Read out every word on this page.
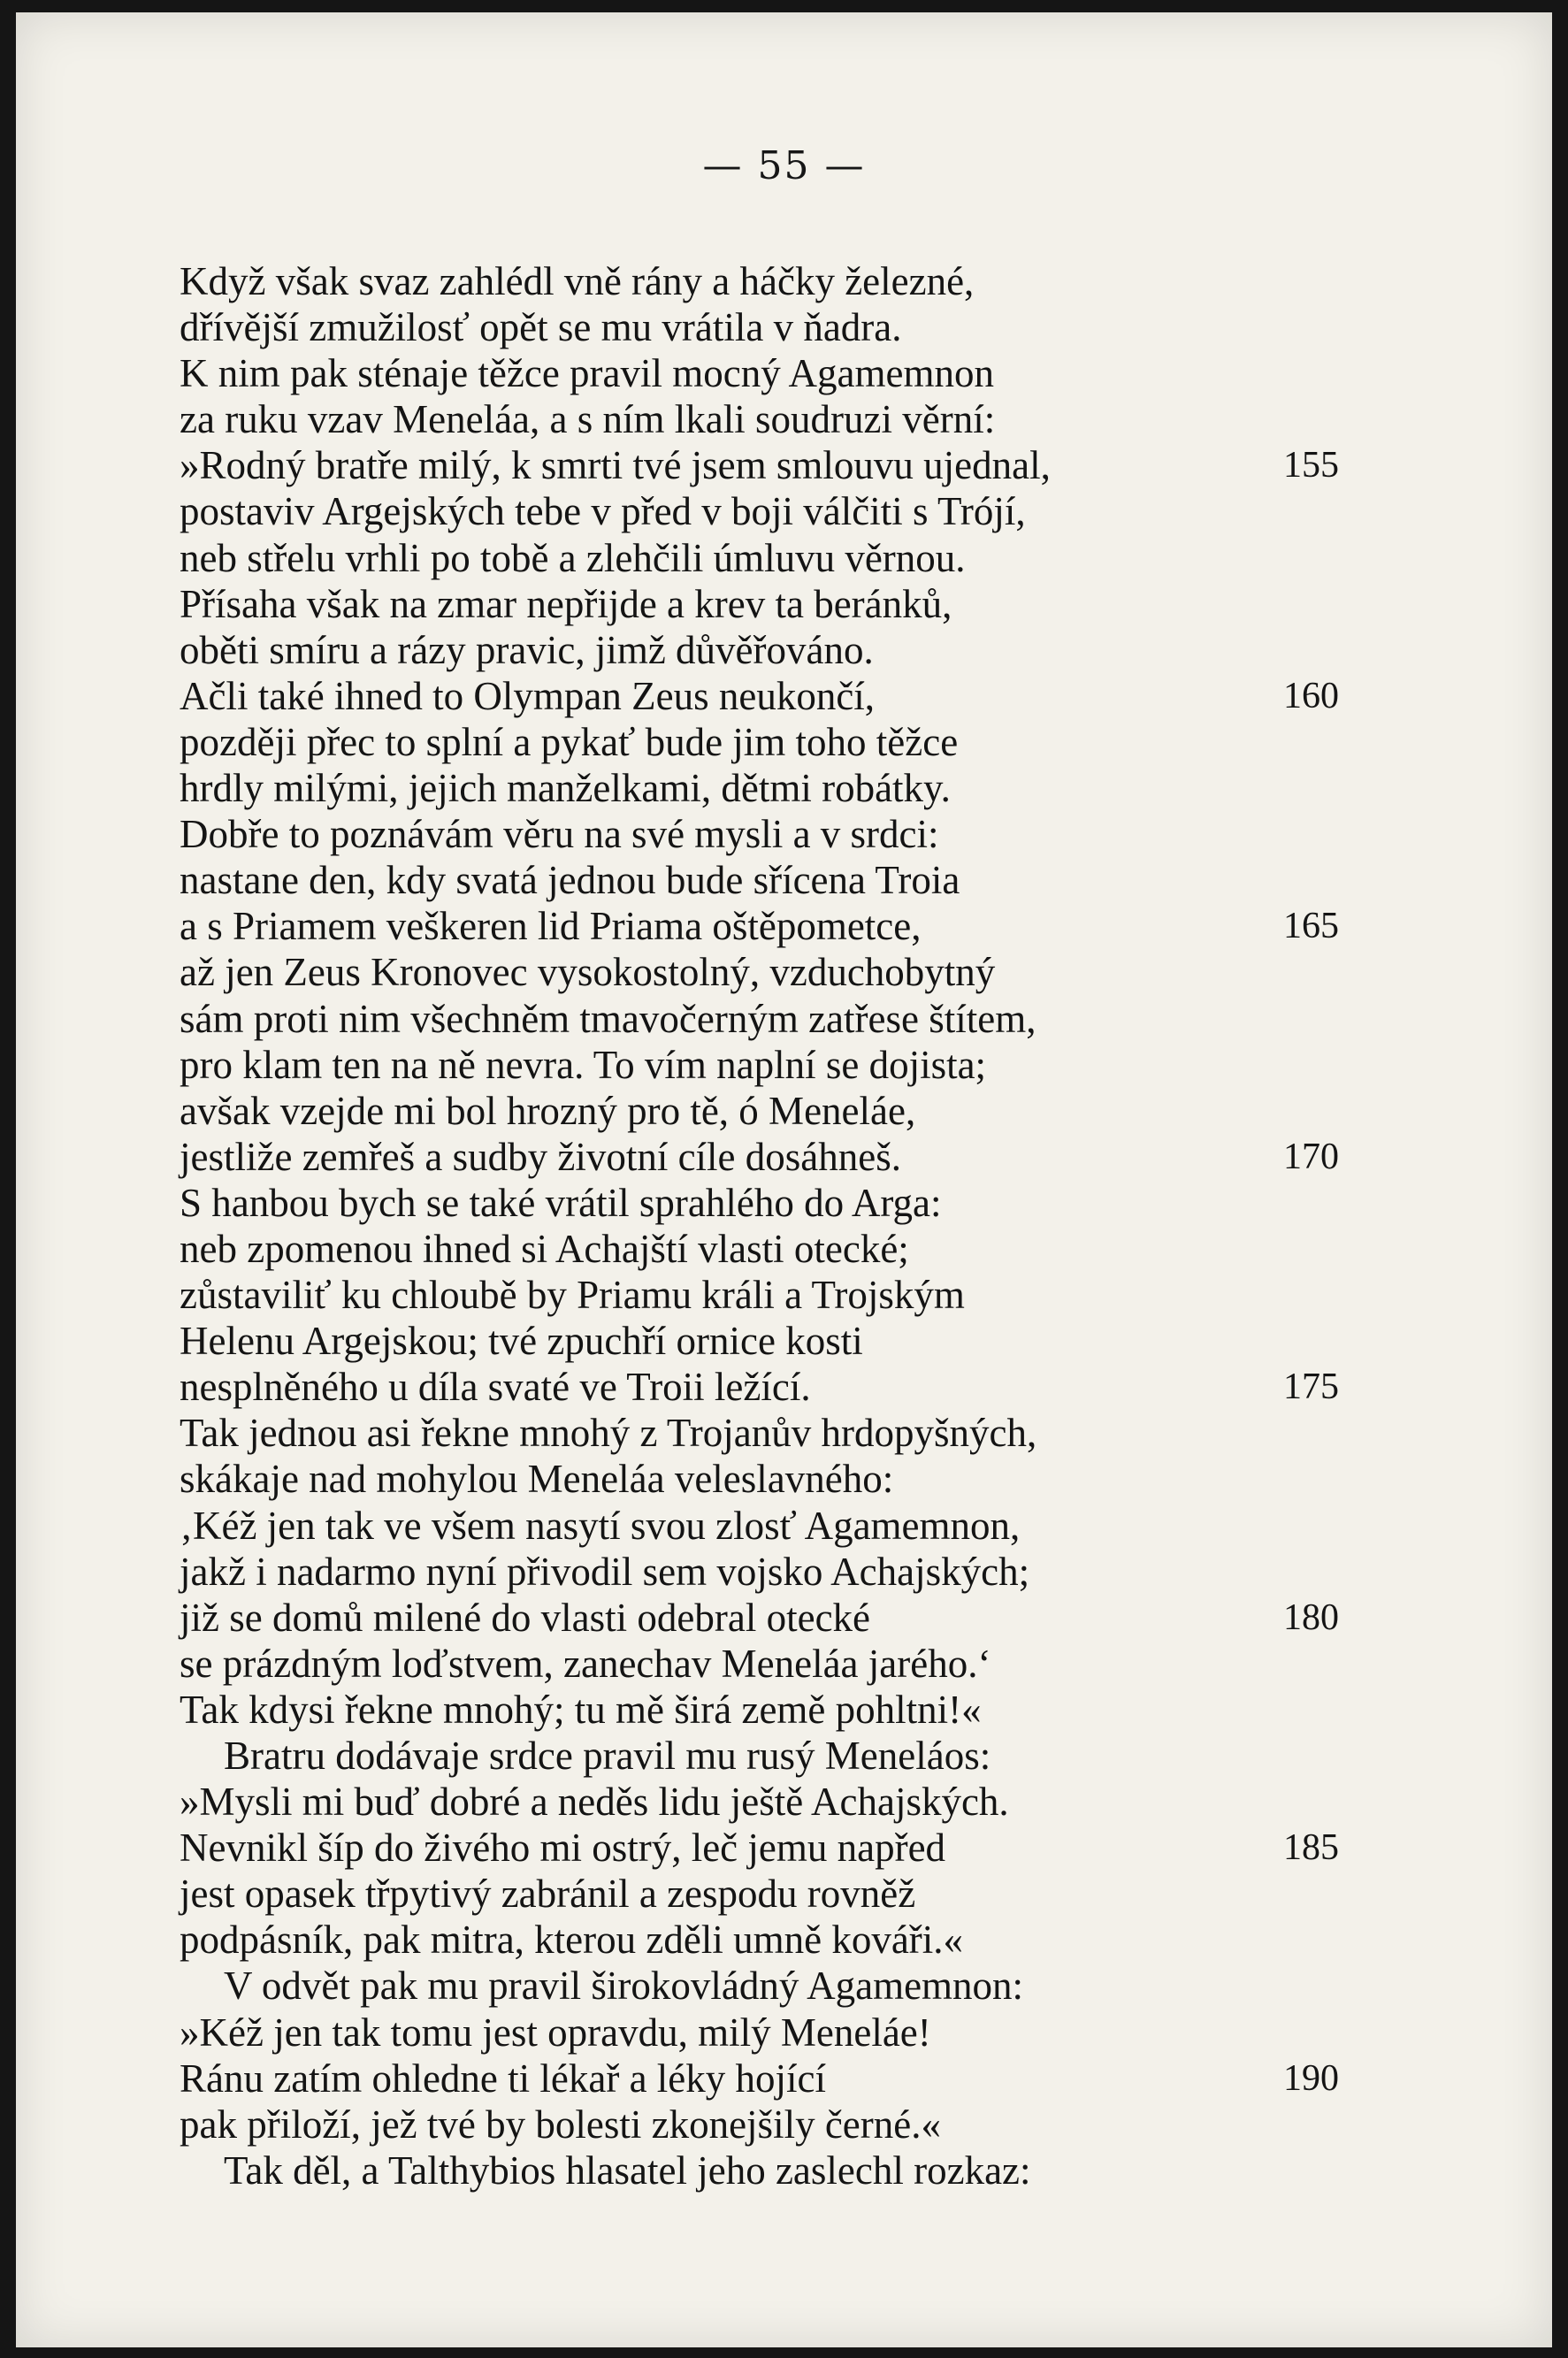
— 55 —
Když však svaz zahlédl vně rány a háčky železné,
dřívější zmužilosť opět se mu vrátila v ňadra.
K nim pak sténaje těžce pravil mocný Agamemnon
za ruku vzav Meneláa, a s ním lkali soudruzi věrní:
»Rodný bratře milý, k smrti tvé jsem smlouvu ujednal,	155
postaviv Argejských tebe v před v boji válčiti s Trójí,
neb střelu vrhli po tobě a zlehčili úmluvu věrnou.
Přísaha však na zmar nepřijde a krev ta beránků,
oběti smíru a rázy pravic, jimž důvěřováno.
Ačli také ihned to Olympan Zeus neukončí,	160
později přec to splní a pykať bude jim toho těžce
hrdly milými, jejich manželkami, dětmi robátky.
Dobře to poznávám věru na své mysli a v srdci:
nastane den, kdy svatá jednou bude sřícena Troia
a s Priamem veškeren lid Priama oštěpometce,	165
až jen Zeus Kronovec vysokostolný, vzduchobytný
sám proti nim všechněm tmavočerným zatřese štítem,
pro klam ten na ně nevra. To vím naplní se dojista;
avšak vzejde mi bol hrozný pro tě, ó Meneláe,
jestliže zemřeš a sudby životní cíle dosáhneš.	170
S hanbou bych se také vrátil sprahlého do Arga:
neb zpomenou ihned si Achajští vlasti otecké;
zůstaviliť ku chloubě by Priamu králi a Trojským
Helenu Argejskou; tvé zpuchří ornice kosti
nesplněného u díla svaté ve Troii ležící.	175
Tak jednou asi řekne mnohý z Trojanův hrdopyšných,
skákaje nad mohylou Meneláa veleslavného:
‚Kéž jen tak ve všem nasytí svou zlosť Agamemnon,
jakž i nadarmo nyní přivodil sem vojsko Achajských;
již se domů milené do vlasti odebral otecké	180
se prázdným loďstvem, zanechav Meneláa jarého.‘
Tak kdysi řekne mnohý; tu mě širá země pohltni!«
Bratru dodávaje srdce pravil mu rusý Meneláos:
»Mysli mi buď dobré a neděs lidu ještě Achajských.
Nevnikl šíp do živého mi ostrý, leč jemu napřed	185
jest opasek třpytivý zabránil a zespodu rovněž
podpásník, pak mitra, kterou zděli umně kováři.«
V odvět pak mu pravil širokovládný Agamemnon:
»Kéž jen tak tomu jest opravdu, milý Meneláe!
Ránu zatím ohledne ti lékař a léky hojící	190
pak přiloží, jež tvé by bolesti zkonejšily černé.«
Tak děl, a Talthybios hlasatel jeho zaslechl rozkaz:
